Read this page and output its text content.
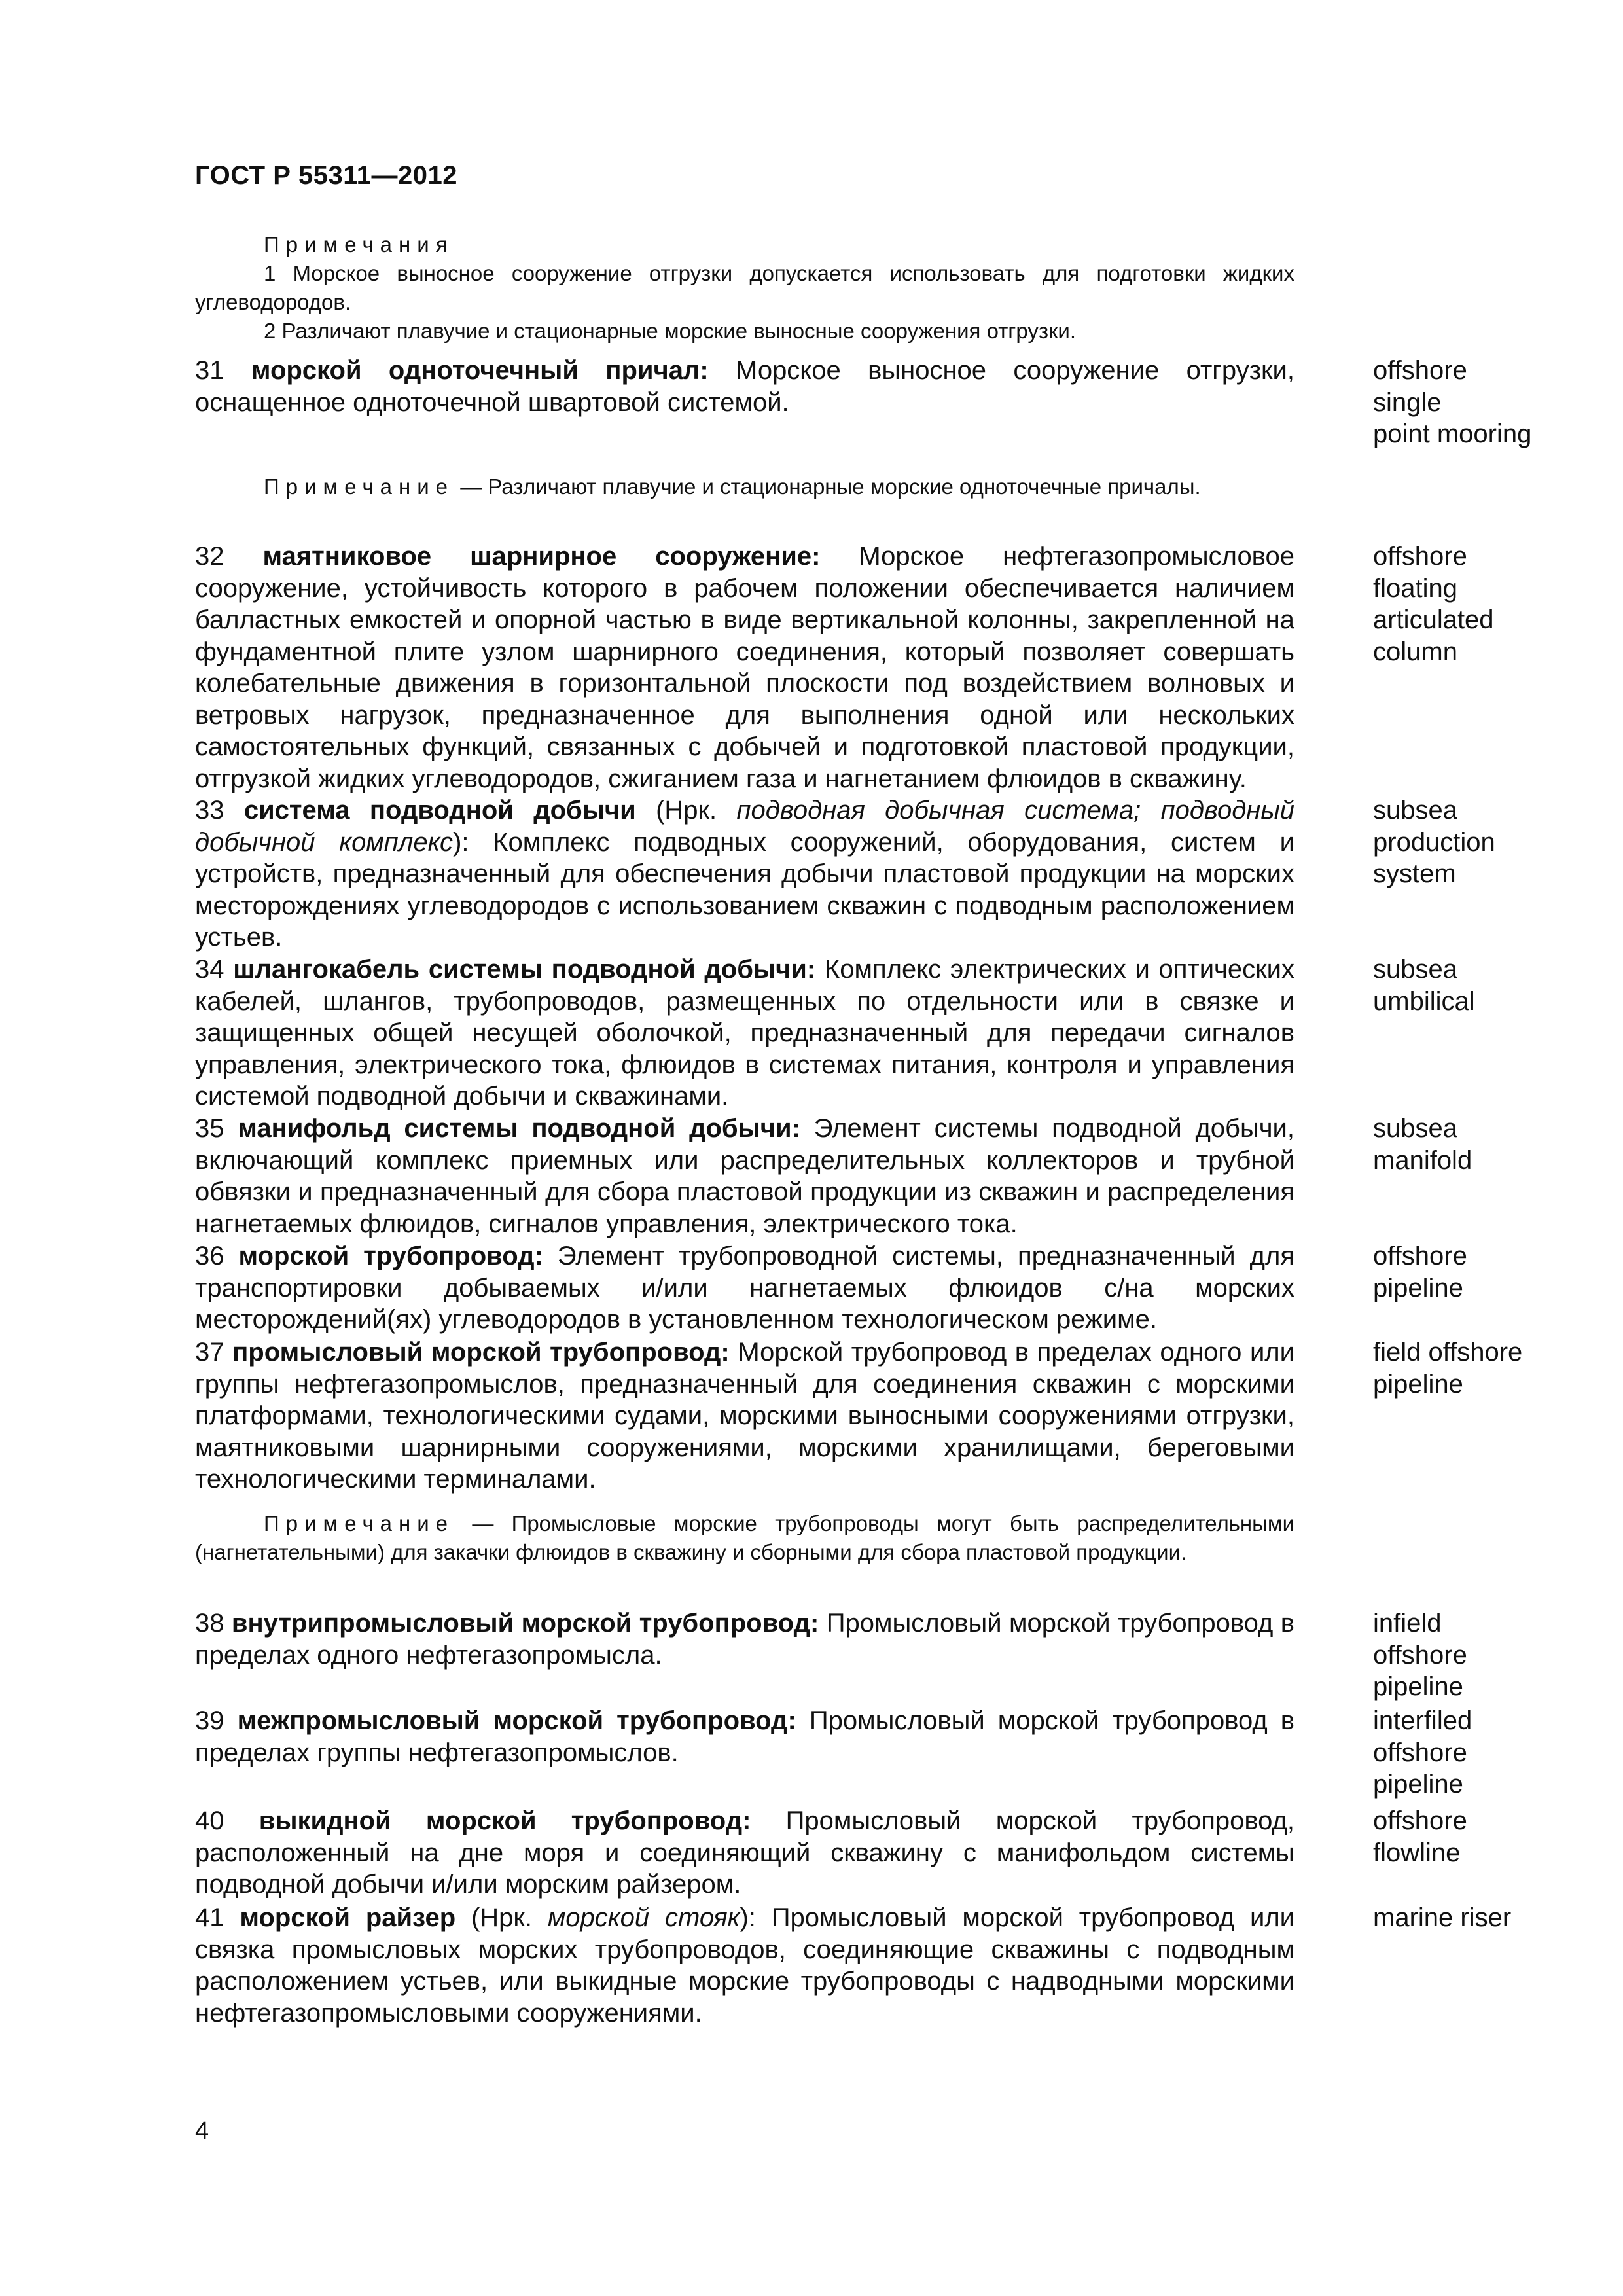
ГОСТ Р 55311—2012

Примечания
1 Морское выносное сооружение отгрузки допускается использовать для подготовки жидких углеводородов.
2 Различают плавучие и стационарные морские выносные сооружения отгрузки.

31 морской одноточечный причал: Морское выносное сооружение отгрузки, оснащенное одноточечной швартовой системой.

offshore
single
point mooring

Примечание — Различают плавучие и стационарные морские одноточечные причалы.

32 маятниковое шарнирное сооружение: Морское нефтегазопромысловое сооружение, устойчивость которого в рабочем положении обеспечивается наличием балластных емкостей и опорной частью в виде вертикальной колонны, закрепленной на фундаментной плите узлом шарнирного соединения, который позволяет совершать колебательные движения в горизонтальной плоскости под воздействием волновых и ветровых нагрузок, предназначенное для выполнения одной или нескольких самостоятельных функций, связанных с добычей и подготовкой пластовой продукции, отгрузкой жидких углеводородов, сжиганием газа и нагнетанием флюидов в скважину.

offshore
floating
articulated
column

33 система подводной добычи (Нрк. подводная добычная система; подводный добычной комплекс): Комплекс подводных сооружений, оборудования, систем и устройств, предназначенный для обеспечения добычи пластовой продукции на морских месторождениях углеводородов с использованием скважин с подводным расположением устьев.

subsea
production
system

34 шлангокабель системы подводной добычи: Комплекс электрических и оптических кабелей, шлангов, трубопроводов, размещенных по отдельности или в связке и защищенных общей несущей оболочкой, предназначенный для передачи сигналов управления, электрического тока, флюидов в системах питания, контроля и управления системой подводной добычи и скважинами.

subsea
umbilical

35 манифольд системы подводной добычи: Элемент системы подводной добычи, включающий комплекс приемных или распределительных коллекторов и трубной обвязки и предназначенный для сбора пластовой продукции из скважин и распределения нагнетаемых флюидов, сигналов управления, электрического тока.

subsea
manifold

36 морской трубопровод: Элемент трубопроводной системы, предназначенный для транспортировки добываемых и/или нагнетаемых флюидов с/на морских месторождений(ях) углеводородов в установленном технологическом режиме.

offshore
pipeline

37 промысловый морской трубопровод: Морской трубопровод в пределах одного или группы нефтегазопромыслов, предназначенный для соединения скважин с морскими платформами, технологическими судами, морскими выносными сооружениями отгрузки, маятниковыми шарнирными сооружениями, морскими хранилищами, береговыми технологическими терминалами.

field offshore
pipeline

Примечание — Промысловые морские трубопроводы могут быть распределительными (нагнетательными) для закачки флюидов в скважину и сборными для сбора пластовой продукции.

38 внутрипромысловый морской трубопровод: Промысловый морской трубопровод в пределах одного нефтегазопромысла.

infield
offshore
pipeline

39 межпромысловый морской трубопровод: Промысловый морской трубопровод в пределах группы нефтегазопромыслов.

interfiled
offshore
pipeline

40 выкидной морской трубопровод: Промысловый морской трубопровод, расположенный на дне моря и соединяющий скважину с манифольдом системы подводной добычи и/или морским райзером.

offshore
flowline

41 морской райзер (Нрк. морской стояк): Промысловый морской трубопровод или связка промысловых морских трубопроводов, соединяющие скважины с подводным расположением устьев, или выкидные морские трубопроводы с надводными морскими нефтегазопромысловыми сооружениями.

marine riser
4
